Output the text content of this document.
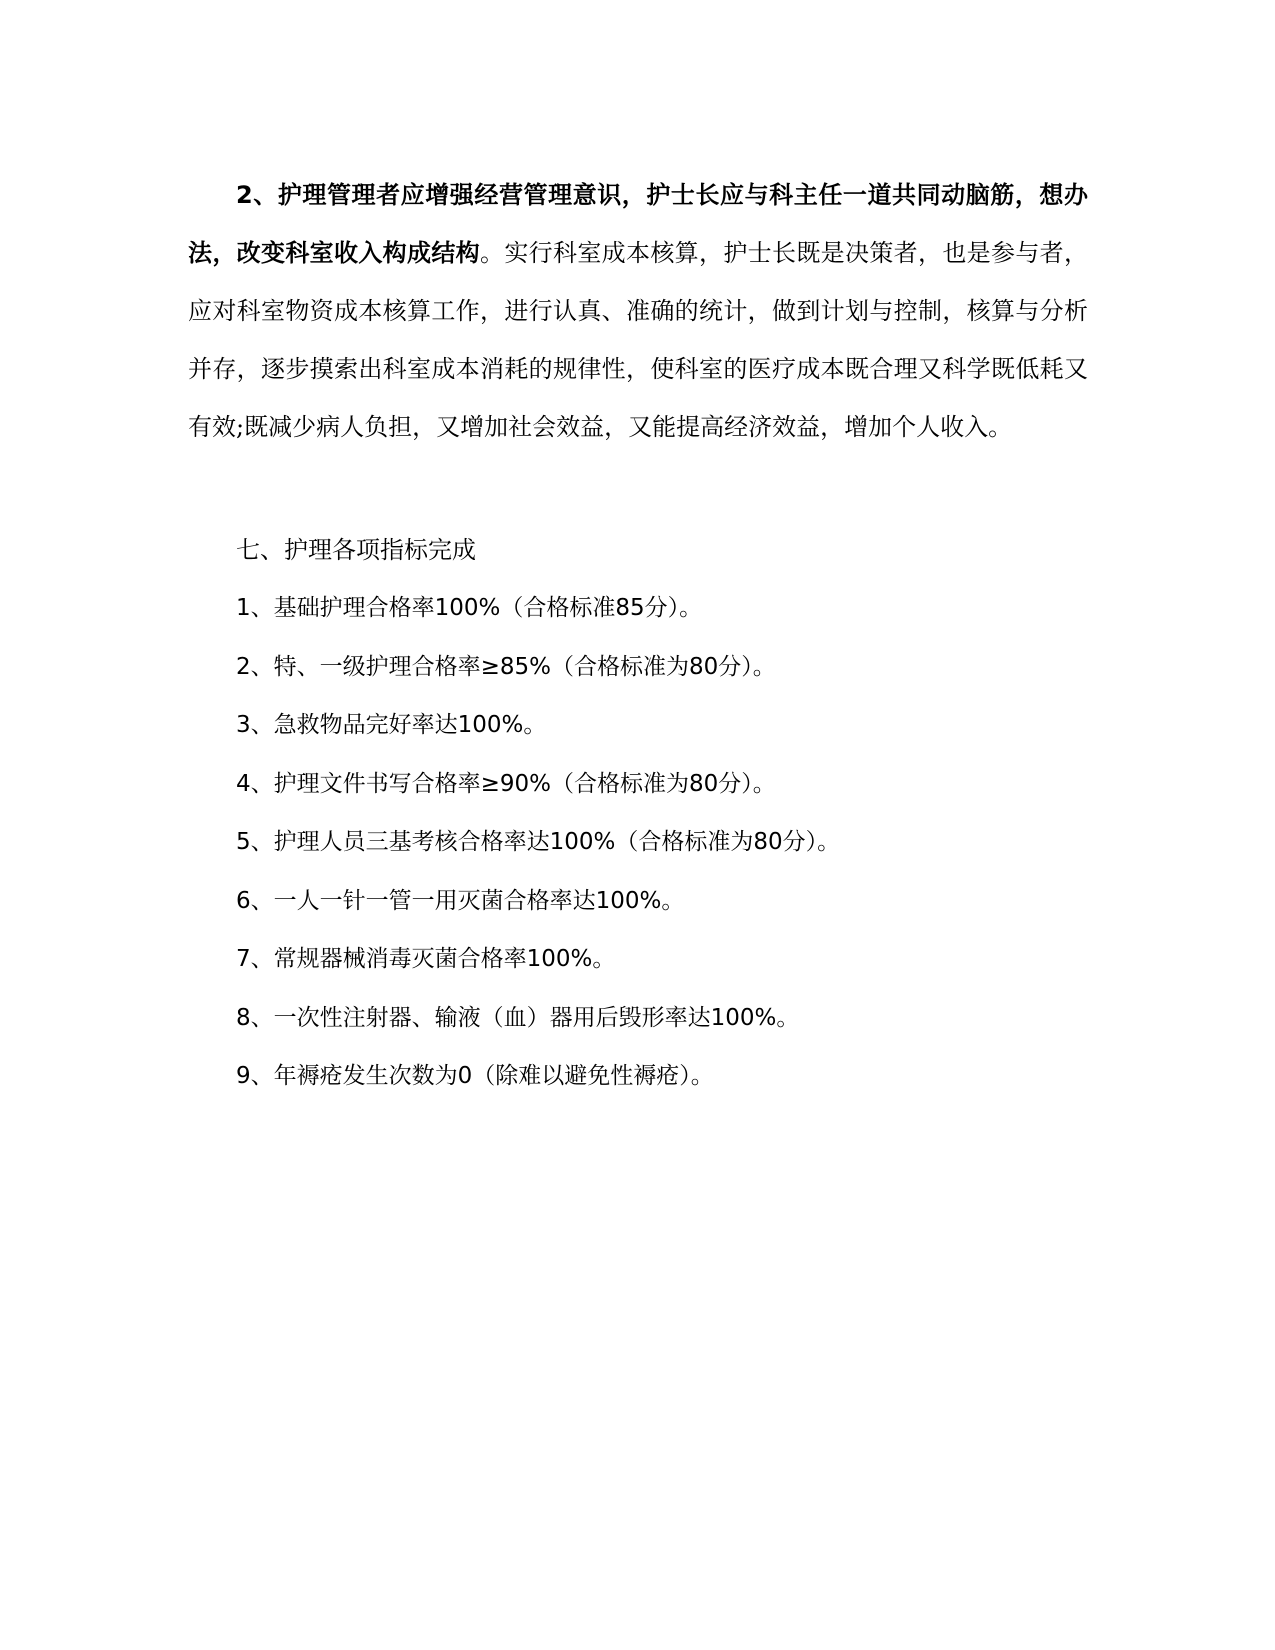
2、护理管理者应增强经营管理意识，护士长应与科主任一道共同动脑筋，想办法，改变科室收入构成结构。实行科室成本核算，护士长既是决策者，也是参与者，应对科室物资成本核算工作，进行认真、准确的统计，做到计划与控制，核算与分析并存，逐步摸索出科室成本消耗的规律性，使科室的医疗成本既合理又科学既低耗又有效;既减少病人负担，又增加社会效益，又能提高经济效益，增加个人收入。

七、护理各项指标完成

1、基础护理合格率100%（合格标准85分）。
2、特、一级护理合格率≥85%（合格标准为80分）。
3、急救物品完好率达100%。
4、护理文件书写合格率≥90%（合格标准为80分）。
5、护理人员三基考核合格率达100%（合格标准为80分）。
6、一人一针一管一用灭菌合格率达100%。
7、常规器械消毒灭菌合格率100%。
8、一次性注射器、输液（血）器用后毁形率达100%。
9、年褥疮发生次数为0（除难以避免性褥疮）。
